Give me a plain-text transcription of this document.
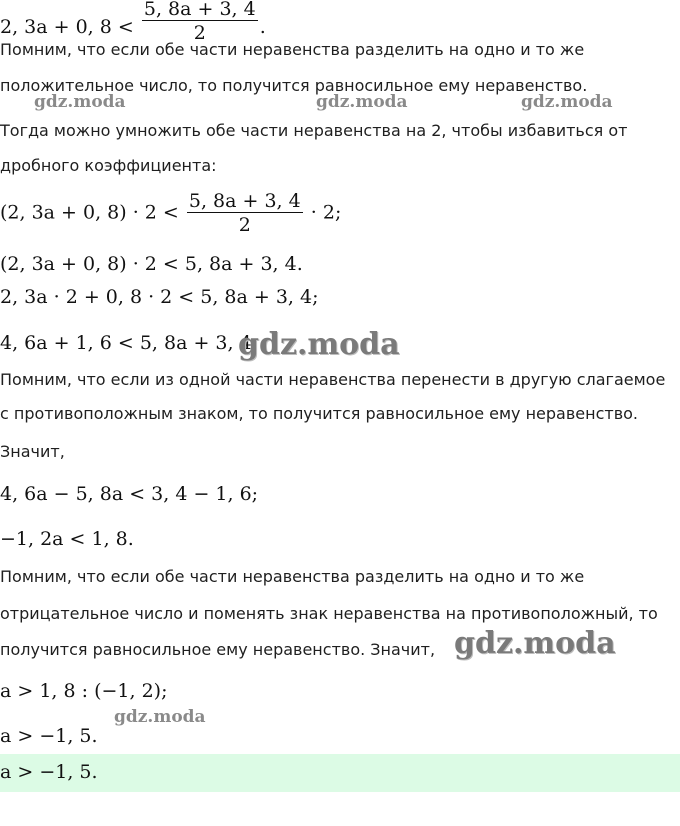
2, 3a + 0, 8 <
$\frac{5, 8a + 3, 4}{2}$
.
Помним, что если обе части неравенства разделить на одно и то же
положительное число, то получится равносильное ему неравенство.
gdz.moda	gdz.moda	gdz.moda
Тогда можно умножить обе части неравенства на 2, чтобы избавиться от
дробного коэффициента:
(2, 3a + 0, $8) \cdot 2 < \frac{5, 8a + 3, 4}{2} \cdot 2$;
(2, 3a + 0, 8) · 2 < 5, 8a + 3, 4.
2, 3a · 2 + 0, 8 · 2 < 5, 8a + 3, 4;
4, 6a + 1, 6 < 5, 8a + 3, 4.
gdz.moda
Помним, что если из одной части неравенства перенести в другую слагаемое
с противоположным знаком, то получится равносильное ему неравенство.
Значит,
4, 6a − 5, 8a < 3, 4 − 1, 6;
−1, 2a < 1, 8.
Помним, что если обе части неравенства разделить на одно и то же
отрицательное число и поменять знак неравенства на противоположный, то
получится равносильное ему неравенство. Значит, gdz.moda
a > 1, 8 : (−1, 2);
gdz.moda
a > −1, 5.
a > −1, 5.
